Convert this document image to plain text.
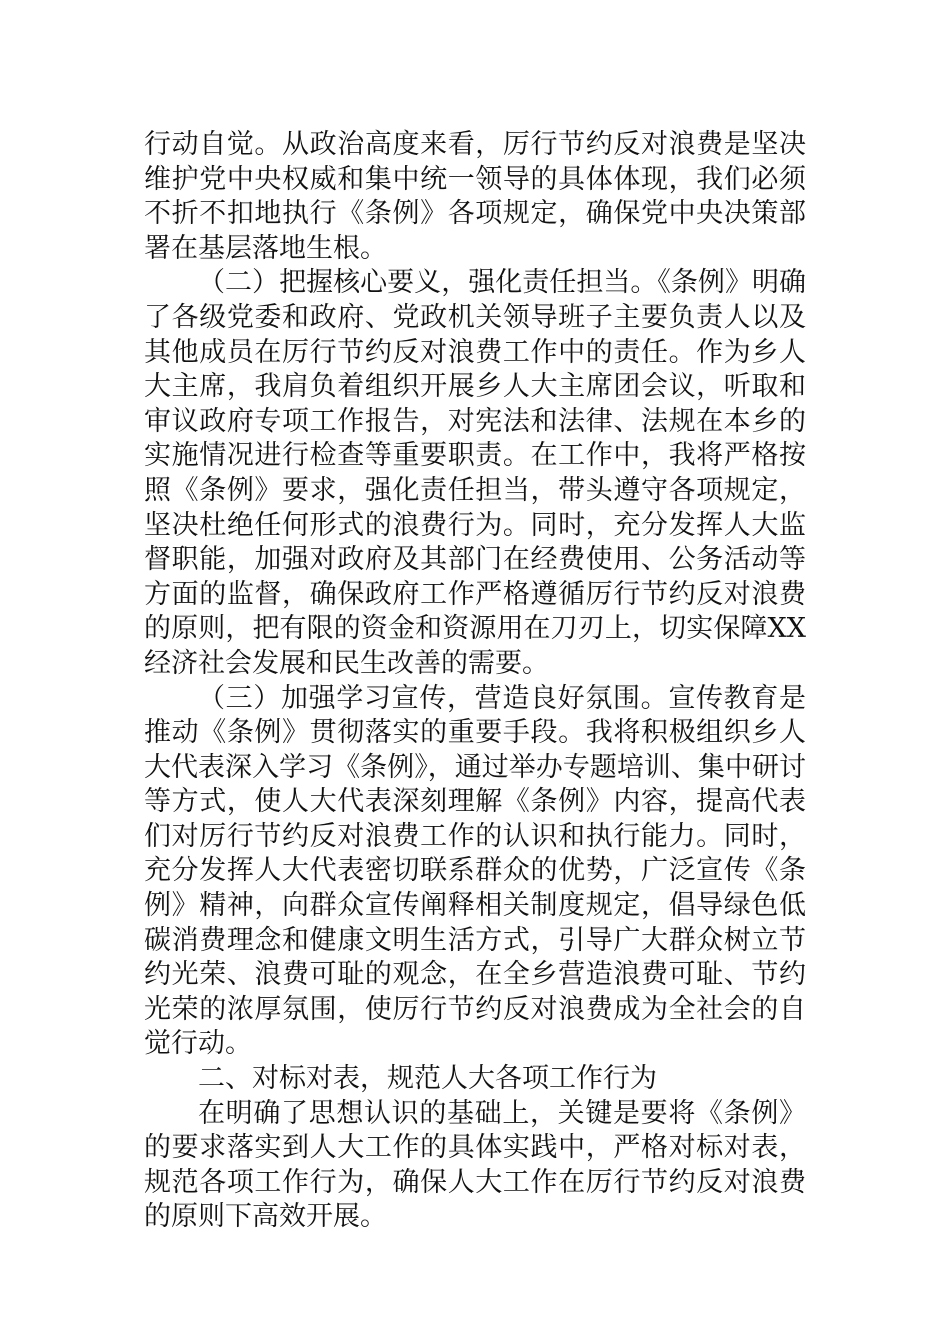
行动自觉。从政治高度来看，厉行节约反对浪费是坚决维护党中央权威和集中统一领导的具体体现，我们必须不折不扣地执行《条例》各项规定，确保党中央决策部署在基层落地生根。

（二）把握核心要义，强化责任担当。《条例》明确了各级党委和政府、党政机关领导班子主要负责人以及其他成员在厉行节约反对浪费工作中的责任。作为乡人大主席，我肩负着组织开展乡人大主席团会议，听取和审议政府专项工作报告，对宪法和法律、法规在本乡的实施情况进行检查等重要职责。在工作中，我将严格按照《条例》要求，强化责任担当，带头遵守各项规定，坚决杜绝任何形式的浪费行为。同时，充分发挥人大监督职能，加强对政府及其部门在经费使用、公务活动等方面的监督，确保政府工作严格遵循厉行节约反对浪费的原则，把有限的资金和资源用在刀刃上，切实保障XX经济社会发展和民生改善的需要。

（三）加强学习宣传，营造良好氛围。宣传教育是推动《条例》贯彻落实的重要手段。我将积极组织乡人大代表深入学习《条例》，通过举办专题培训、集中研讨等方式，使人大代表深刻理解《条例》内容，提高代表们对厉行节约反对浪费工作的认识和执行能力。同时，充分发挥人大代表密切联系群众的优势，广泛宣传《条例》精神，向群众宣传阐释相关制度规定，倡导绿色低碳消费理念和健康文明生活方式，引导广大群众树立节约光荣、浪费可耻的观念，在全乡营造浪费可耻、节约光荣的浓厚氛围，使厉行节约反对浪费成为全社会的自觉行动。

二、对标对表，规范人大各项工作行为

在明确了思想认识的基础上，关键是要将《条例》的要求落实到人大工作的具体实践中，严格对标对表，规范各项工作行为，确保人大工作在厉行节约反对浪费的原则下高效开展。
